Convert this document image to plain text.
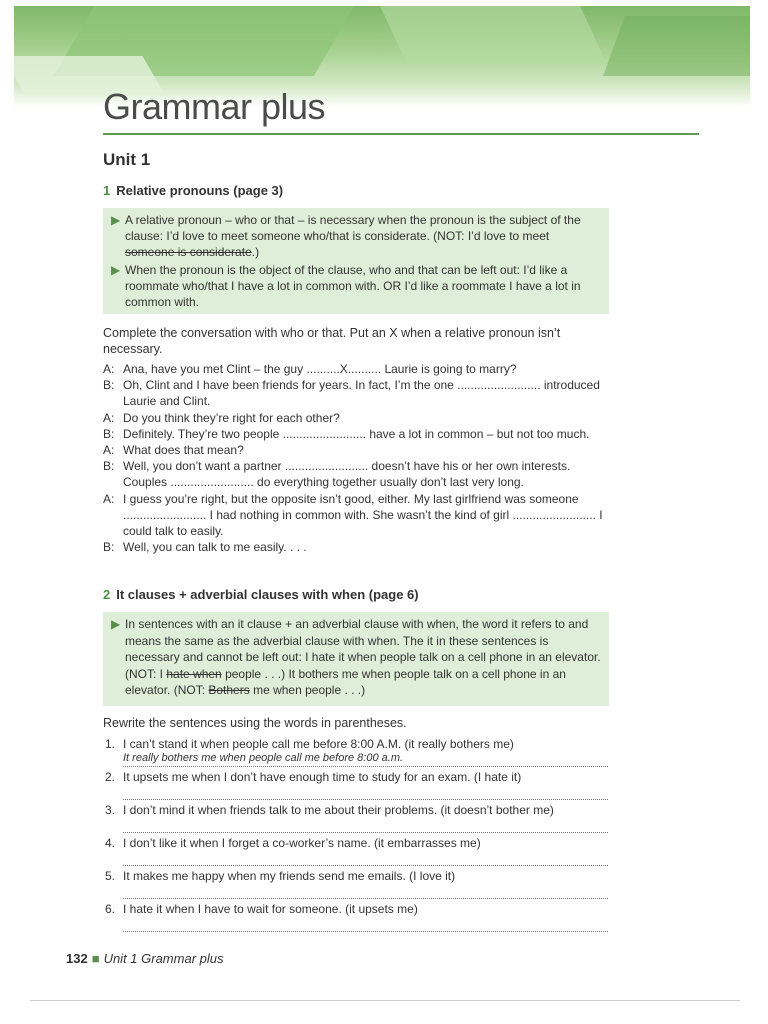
Grammar plus
Unit 1
1 Relative pronouns (page 3)

▶ A relative pronoun – who or that – is necessary when the pronoun is the subject of the clause: I’d love to meet someone who/that is considerate. (NOT: I’d love to meet someone is considerate.)

▶ When the pronoun is the object of the clause, who and that can be left out: I’d like a roommate who/that I have a lot in common with. OR I’d like a roommate I have a lot in common with.

Complete the conversation with who or that. Put an X when a relative pronoun isn’t necessary.
A: Ana, have you met Clint – the guy ..........X.......... Laurie is going to marry?
B: Oh, Clint and I have been friends for years. In fact, I’m the one ......................... introduced Laurie and Clint.
A: Do you think they’re right for each other?
B: Definitely. They’re two people ......................... have a lot in common – but not too much.
A: What does that mean?
B: Well, you don’t want a partner ......................... doesn’t have his or her own interests. Couples ......................... do everything together usually don’t last very long.
A: I guess you’re right, but the opposite isn’t good, either. My last girlfriend was someone ......................... I had nothing in common with. She wasn’t the kind of girl ......................... I could talk to easily.
B: Well, you can talk to me easily. . . .
2 It clauses + adverbial clauses with when (page 6)

▶ In sentences with an it clause + an adverbial clause with when, the word it refers to and means the same as the adverbial clause with when. The it in these sentences is necessary and cannot be left out: I hate it when people talk on a cell phone in an elevator. (NOT: I hate when people . . .) It bothers me when people talk on a cell phone in an elevator. (NOT: Bothers me when people . . .)

Rewrite the sentences using the words in parentheses.
1. I can’t stand it when people call me before 8:00 A.M. (it really bothers me)
It really bothers me when people call me before 8:00 a.m.
2. It upsets me when I don’t have enough time to study for an exam. (I hate it)
3. I don’t mind it when friends talk to me about their problems. (it doesn’t bother me)
4. I don’t like it when I forget a co-worker’s name. (it embarrasses me)
5. It makes me happy when my friends send me emails. (I love it)
6. I hate it when I have to wait for someone. (it upsets me)
132 ■ Unit 1 Grammar plus
